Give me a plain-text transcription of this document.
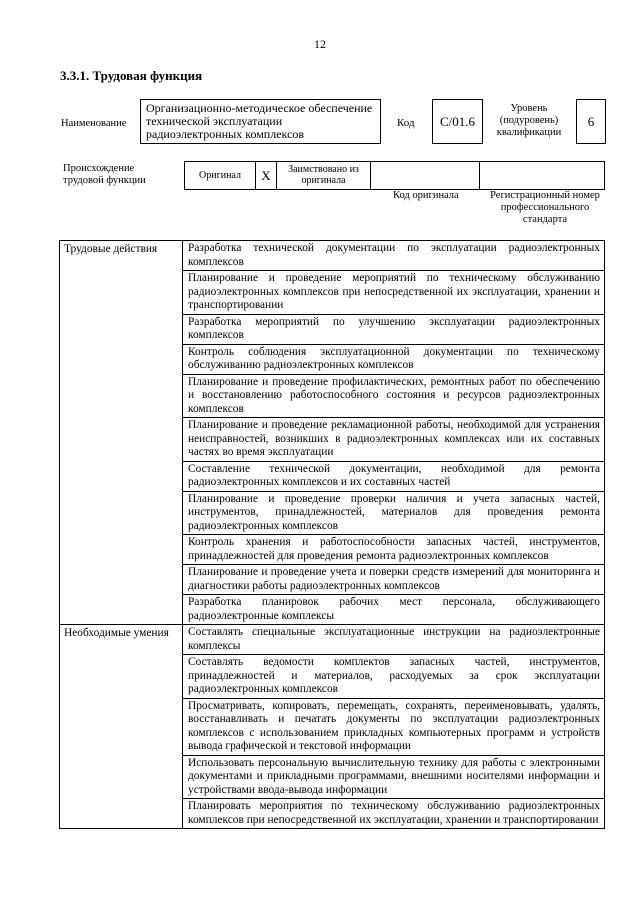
12
3.3.1. Трудовая функция
Наименование
Организационно-методическое обеспечение технической эксплуатации радиоэлектронных комплексов
Код C/01.6
Уровень (подуровень) квалификации
6
Происхождение трудовой функции	Оригинал X	Заимствовано из оригинала
Код оригинала	Регистрационный номер профессионального стандарта
Трудовые действия	Разработка технической документации по эксплуатации радиоэлектронных комплексов
	Планирование и проведение мероприятий по техническому обслуживанию радиоэлектронных комплексов при непосредственной их эксплуатации, хранении и транспортировании
	Разработка мероприятий по улучшению эксплуатации радиоэлектронных комплексов
	Контроль соблюдения эксплуатационной документации по техническому обслуживанию радиоэлектронных комплексов
	Планирование и проведение профилактических, ремонтных работ по обеспечению и восстановлению работоспособного состояния и ресурсов радиоэлектронных комплексов
	Планирование и проведение рекламационной работы, необходимой для устранения неисправностей, возникших в радиоэлектронных комплексах или их составных частях во время эксплуатации
	Составление технической документации, необходимой для ремонта радиоэлектронных комплексов и их составных частей
	Планирование и проведение проверки наличия и учета запасных частей, инструментов, принадлежностей, материалов для проведения ремонта радиоэлектронных комплексов
	Контроль хранения и работоспособности запасных частей, инструментов, принадлежностей для проведения ремонта радиоэлектронных комплексов
	Планирование и проведение учета и поверки средств измерений для мониторинга и диагностики работы радиоэлектронных комплексов
	Разработка планировок рабочих мест персонала, обслуживающего радиоэлектронные комплексы
Необходимые умения	Составлять специальные эксплуатационные инструкции на радиоэлектронные комплексы
	Составлять ведомости комплектов запасных частей, инструментов, принадлежностей и материалов, расходуемых за срок эксплуатации радиоэлектронных комплексов
	Просматривать, копировать, перемещать, сохранять, переименовывать, удалять, восстанавливать и печатать документы по эксплуатации радиоэлектронных комплексов с использованием прикладных компьютерных программ и устройств вывода графической и текстовой информации
	Использовать персональную вычислительную технику для работы с электронными документами и прикладными программами, внешними носителями информации и устройствами ввода-вывода информации
	Планировать мероприятия по техническому обслуживанию радиоэлектронных комплексов при непосредственной их эксплуатации, хранении и транспортировании
